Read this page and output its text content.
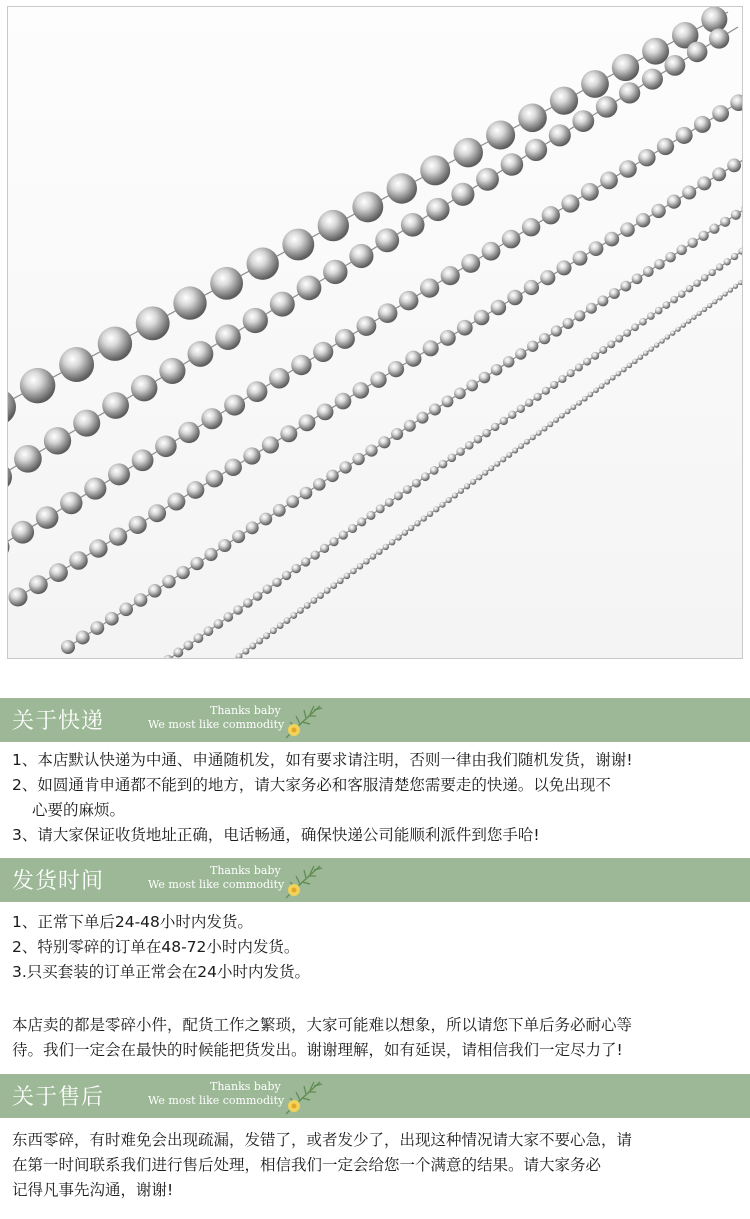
关于快递	Thanks baby
We most like commodity

1、本店默认快递为中通、申通随机发，如有要求请注明，否则一律由我们随机发货，谢谢!

2、如圆通肯申通都不能到的地方，请大家务必和客服清楚您需要走的快递。以免出现不

心要的麻烦。

3、请大家保证收货地址正确，电话畅通，确保快递公司能顺利派件到您手哈!

发货时间	Thanks baby
We most like commodity

1、正常下单后24-48小时内发货。

2、特别零碎的订单在48-72小时内发货。

3.只买套装的订单正常会在24小时内发货。

本店卖的都是零碎小件，配货工作之繁琐，大家可能难以想象，所以请您下单后务必耐心等

待。我们一定会在最快的时候能把货发出。谢谢理解，如有延误，请相信我们一定尽力了!

关于售后	Thanks baby
We most like commodity

东西零碎，有时难免会出现疏漏，发错了，或者发少了，出现这种情况请大家不要心急，请

在第一时间联系我们进行售后处理，相信我们一定会给您一个满意的结果。请大家务必

记得凡事先沟通，谢谢!
